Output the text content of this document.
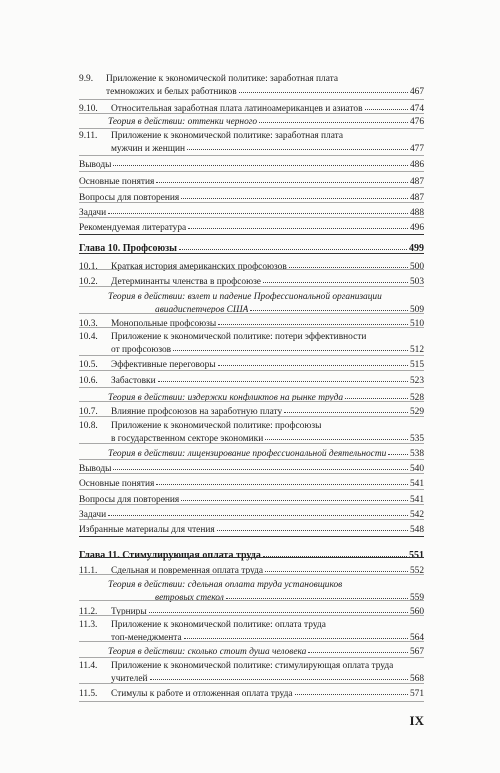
9.9.	Приложение к экономической политике: заработная плата
темнокожих и белых работников	467
9.10.	Относительная заработная плата латиноамериканцев и азиатов	474
Теория в действии: оттенки черного	476
9.11.	Приложение к экономической политике: заработная плата
мужчин и женщин	477
Выводы	486
Основные понятия	487
Вопросы для повторения	487
Задачи	488
Рекомендуемая литература	496
Глава 10. Профсоюзы	499
10.1.	Краткая история американских профсоюзов	500
10.2.	Детерминанты членства в профсоюзе	503
Теория в действии: взлет и падение Профессиональной организации
авиадиспетчеров США	509
10.3.	Монопольные профсоюзы	510
10.4.	Приложение к экономической политике: потери эффективности
от профсоюзов	512
10.5.	Эффективные переговоры	515
10.6.	Забастовки	523
Теория в действии: издержки конфликтов на рынке труда	528
10.7.	Влияние профсоюзов на заработную плату	529
10.8.	Приложение к экономической политике: профсоюзы
в государственном секторе экономики	535
Теория в действии: лицензирование профессиональной деятельности	538
Выводы	540
Основные понятия	541
Вопросы для повторения	541
Задачи	542
Избранные материалы для чтения	548
Глава 11. Стимулирующая оплата труда	551
11.1.	Сдельная и повременная оплата труда	552
Теория в действии: сдельная оплата труда установщиков
ветровых стекол	559
11.2.	Турниры	560
11.3.	Приложение к экономической политике: оплата труда
топ-менеджмента	564
Теория в действии: сколько стоит душа человека	567
11.4.	Приложение к экономической политике: стимулирующая оплата труда
учителей	568
11.5.	Стимулы к работе и отложенная оплата труда	571
IX
